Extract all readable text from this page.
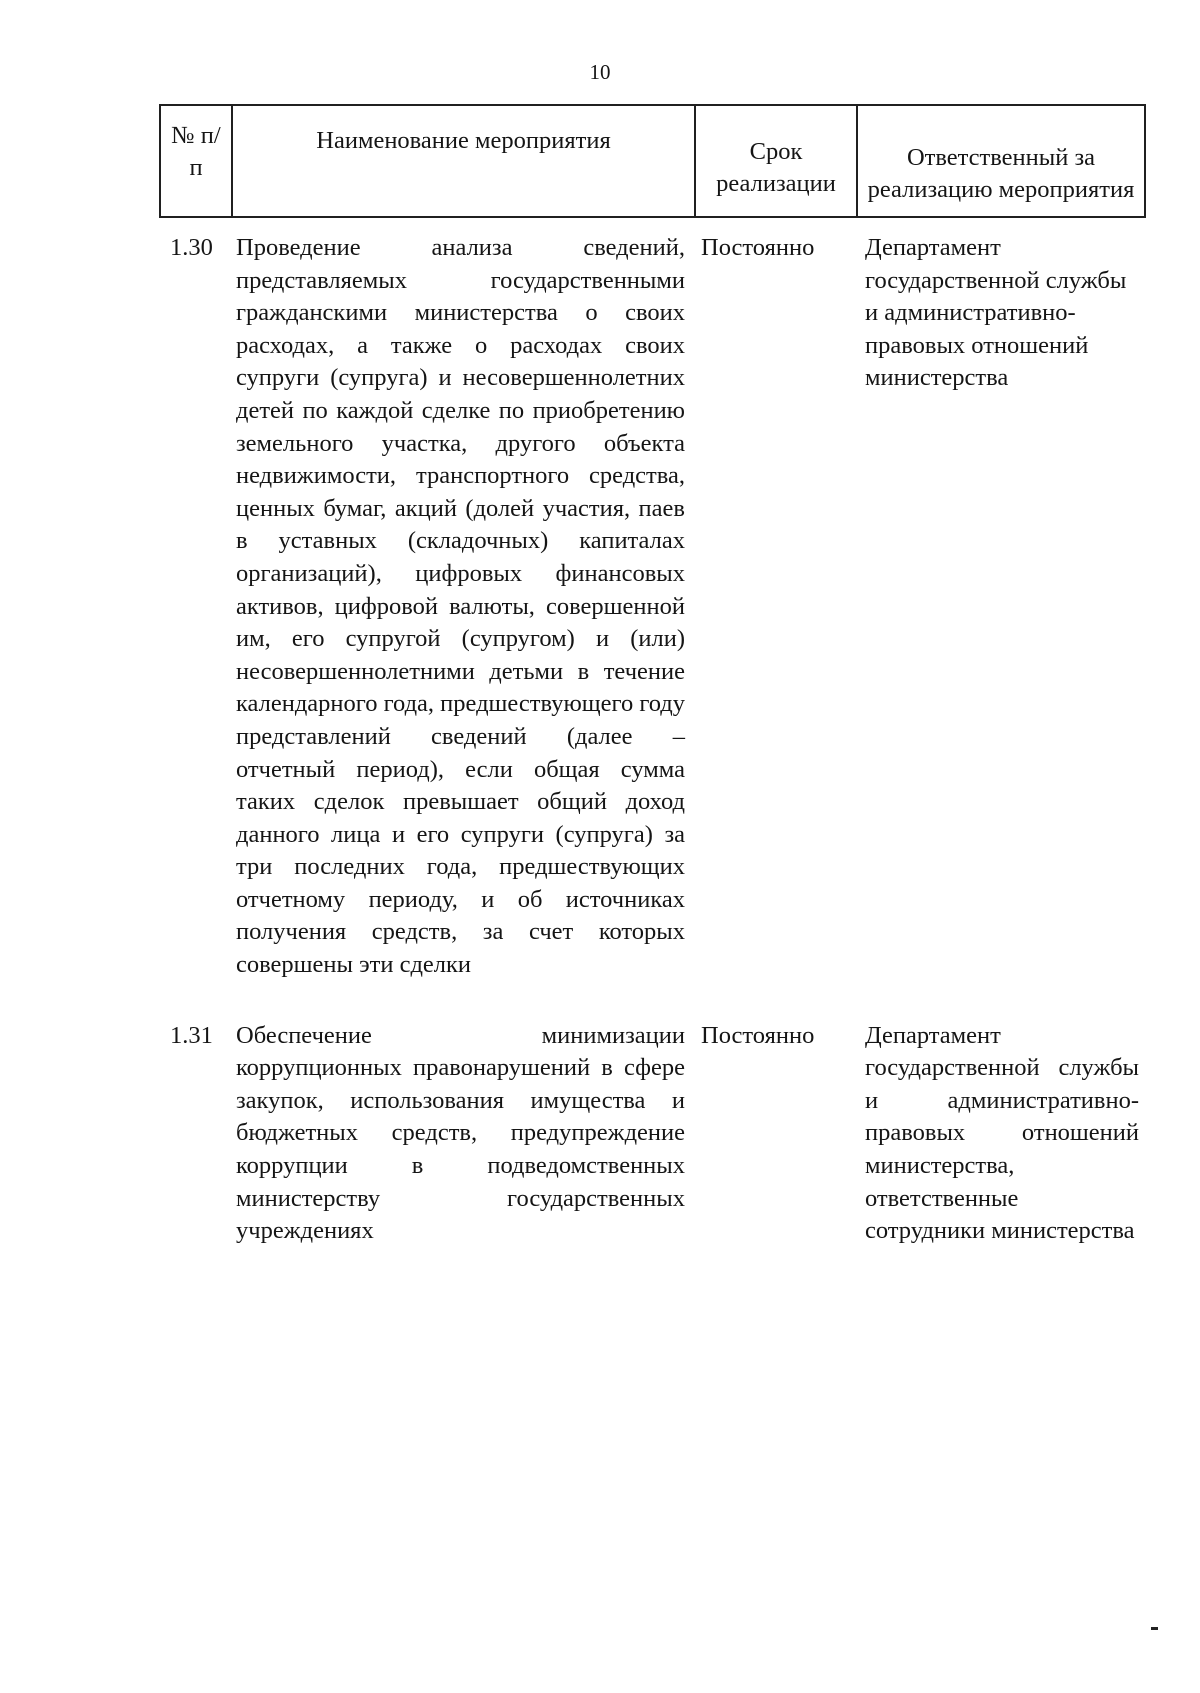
10
№ п/п	Наименование мероприятия	Срок реализации	Ответственный за реализацию мероприятия
1.30	Проведение анализа сведений, представляемых государственными гражданскими министерства о своих расходах, а также о расходах своих супруги (супруга) и несовершеннолетних детей по каждой сделке по приобретению земельного участка, другого объекта недвижимости, транспортного средства, ценных бумаг, акций (долей участия, паев в уставных (складочных) капиталах организаций), цифровых финансовых активов, цифровой валюты, совершенной им, его супругой (супругом) и (или) несовершеннолетними детьми в течение календарного года, предшествующего году представлений сведений (далее – отчетный период), если общая сумма таких сделок превышает общий доход данного лица и его супруги (супруга) за три последних года, предшествующих отчетному периоду, и об источниках получения средств, за счет которых совершены эти сделки	Постоянно	Департамент государственной службы и административно-правовых отношений министерства
1.31	Обеспечение минимизации коррупционных правонарушений в сфере закупок, использования имущества и бюджетных средств, предупреждение коррупции в подведомственных министерству государственных учреждениях	Постоянно	Департамент государственной службы и административно-правовых отношений министерства, ответственные сотрудники министерства
